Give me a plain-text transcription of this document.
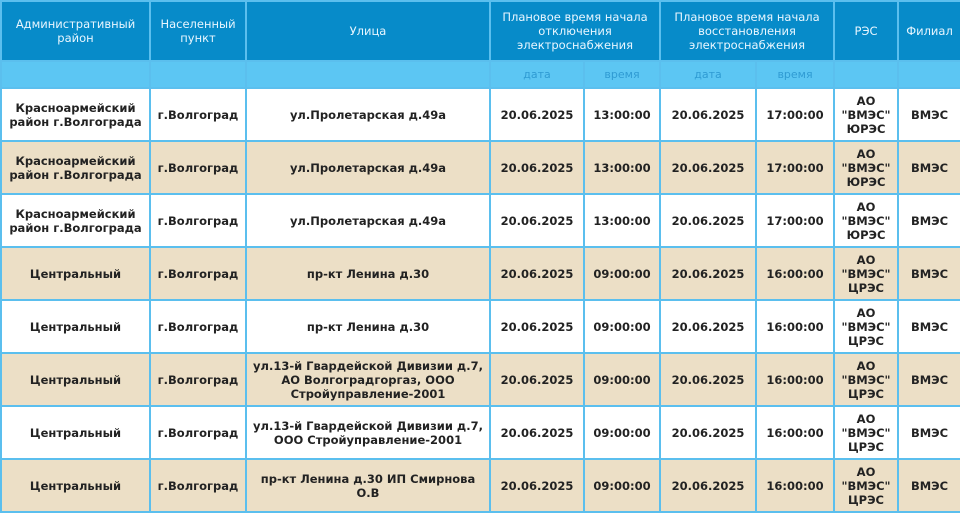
Административный район	Населенный пункт	Улица	Плановое время начала отключения электроснабжения		Плановое время начала восстановления электроснабжения		РЭС	Филиал
			дата	время	дата	время		
Красноармейский район г.Волгограда	г.Волгоград	ул.Пролетарская д.49а	20.06.2025	13:00:00	20.06.2025	17:00:00	АО "ВМЭС" ЮРЭС	ВМЭС
Красноармейский район г.Волгограда	г.Волгоград	ул.Пролетарская д.49а	20.06.2025	13:00:00	20.06.2025	17:00:00	АО "ВМЭС" ЮРЭС	ВМЭС
Красноармейский район г.Волгограда	г.Волгоград	ул.Пролетарская д.49а	20.06.2025	13:00:00	20.06.2025	17:00:00	АО "ВМЭС" ЮРЭС	ВМЭС
Центральный	г.Волгоград	пр-кт Ленина д.30	20.06.2025	09:00:00	20.06.2025	16:00:00	АО "ВМЭС" ЦРЭС	ВМЭС
Центральный	г.Волгоград	пр-кт Ленина д.30	20.06.2025	09:00:00	20.06.2025	16:00:00	АО "ВМЭС" ЦРЭС	ВМЭС
Центральный	г.Волгоград	ул.13-й Гвардейской Дивизии д.7, АО Волгоградгоргаз, ООО Стройуправление-2001	20.06.2025	09:00:00	20.06.2025	16:00:00	АО "ВМЭС" ЦРЭС	ВМЭС
Центральный	г.Волгоград	ул.13-й Гвардейской Дивизии д.7, ООО Стройуправление-2001	20.06.2025	09:00:00	20.06.2025	16:00:00	АО "ВМЭС" ЦРЭС	ВМЭС
Центральный	г.Волгоград	пр-кт Ленина д.30 ИП Смирнова О.В	20.06.2025	09:00:00	20.06.2025	16:00:00	АО "ВМЭС" ЦРЭС	ВМЭС
